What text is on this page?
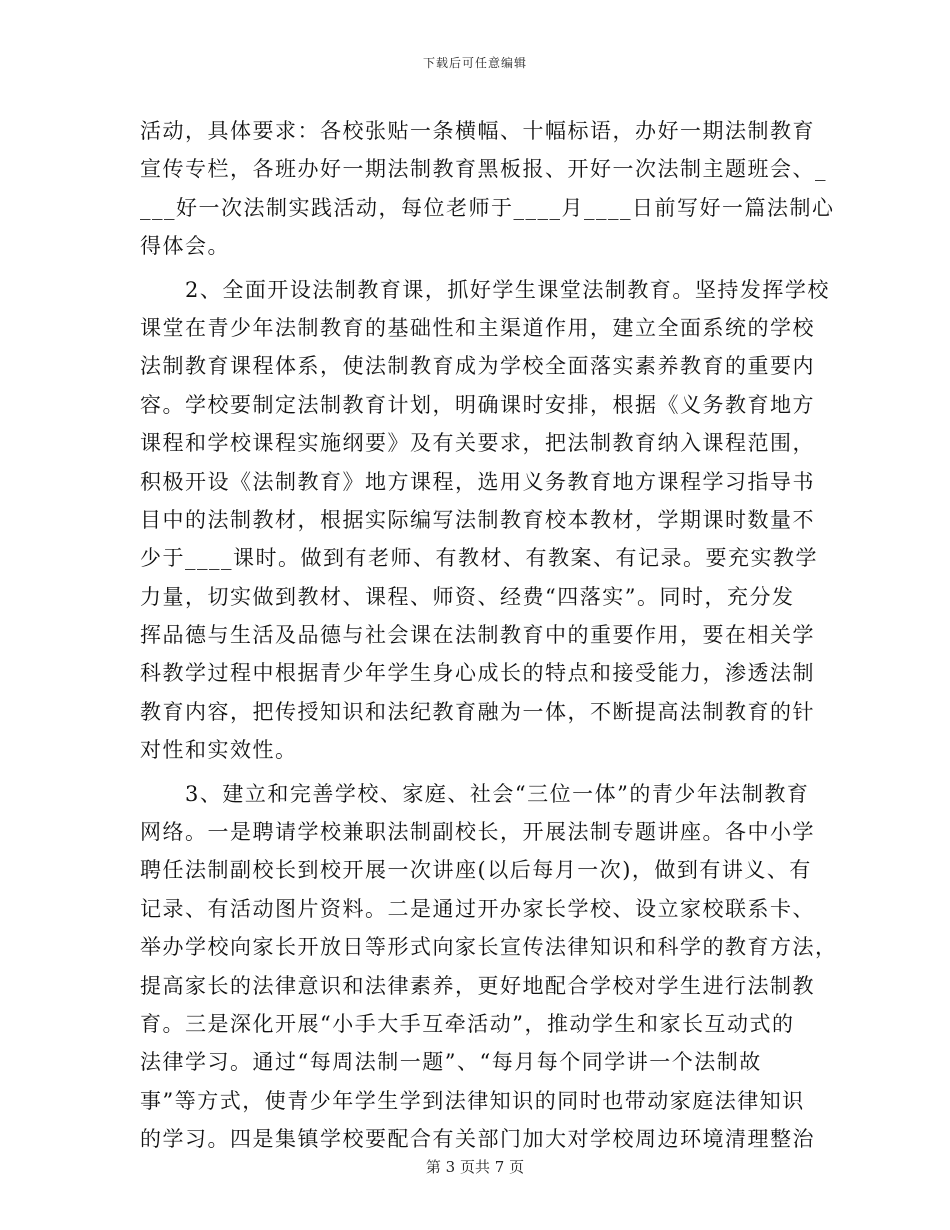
下载后可任意编辑
活动，具体要求：各校张贴一条横幅、十幅标语，办好一期法制教育
宣传专栏，各班办好一期法制教育黑板报、开好一次法制主题班会、_
___好一次法制实践活动，每位老师于____月____日前写好一篇法制心
得体会。
　　2、全面开设法制教育课，抓好学生课堂法制教育。坚持发挥学校
课堂在青少年法制教育的基础性和主渠道作用，建立全面系统的学校
法制教育课程体系，使法制教育成为学校全面落实素养教育的重要内
容。学校要制定法制教育计划，明确课时安排，根据《义务教育地方
课程和学校课程实施纲要》及有关要求，把法制教育纳入课程范围，
积极开设《法制教育》地方课程，选用义务教育地方课程学习指导书
目中的法制教材，根据实际编写法制教育校本教材，学期课时数量不
少于____课时。做到有老师、有教材、有教案、有记录。要充实教学
力量，切实做到教材、课程、师资、经费“四落实”。同时，充分发
挥品德与生活及品德与社会课在法制教育中的重要作用，要在相关学
科教学过程中根据青少年学生身心成长的特点和接受能力，渗透法制
教育内容，把传授知识和法纪教育融为一体，不断提高法制教育的针
对性和实效性。
　　3、建立和完善学校、家庭、社会“三位一体”的青少年法制教育
网络。一是聘请学校兼职法制副校长，开展法制专题讲座。各中小学
聘任法制副校长到校开展一次讲座(以后每月一次)，做到有讲义、有
记录、有活动图片资料。二是通过开办家长学校、设立家校联系卡、
举办学校向家长开放日等形式向家长宣传法律知识和科学的教育方法，
提高家长的法律意识和法律素养，更好地配合学校对学生进行法制教
育。三是深化开展“小手大手互牵活动”，推动学生和家长互动式的
法律学习。通过“每周法制一题”、“每月每个同学讲一个法制故
事”等方式，使青少年学生学到法律知识的同时也带动家庭法律知识
的学习。四是集镇学校要配合有关部门加大对学校周边环境清理整治
第 3 页共 7 页
